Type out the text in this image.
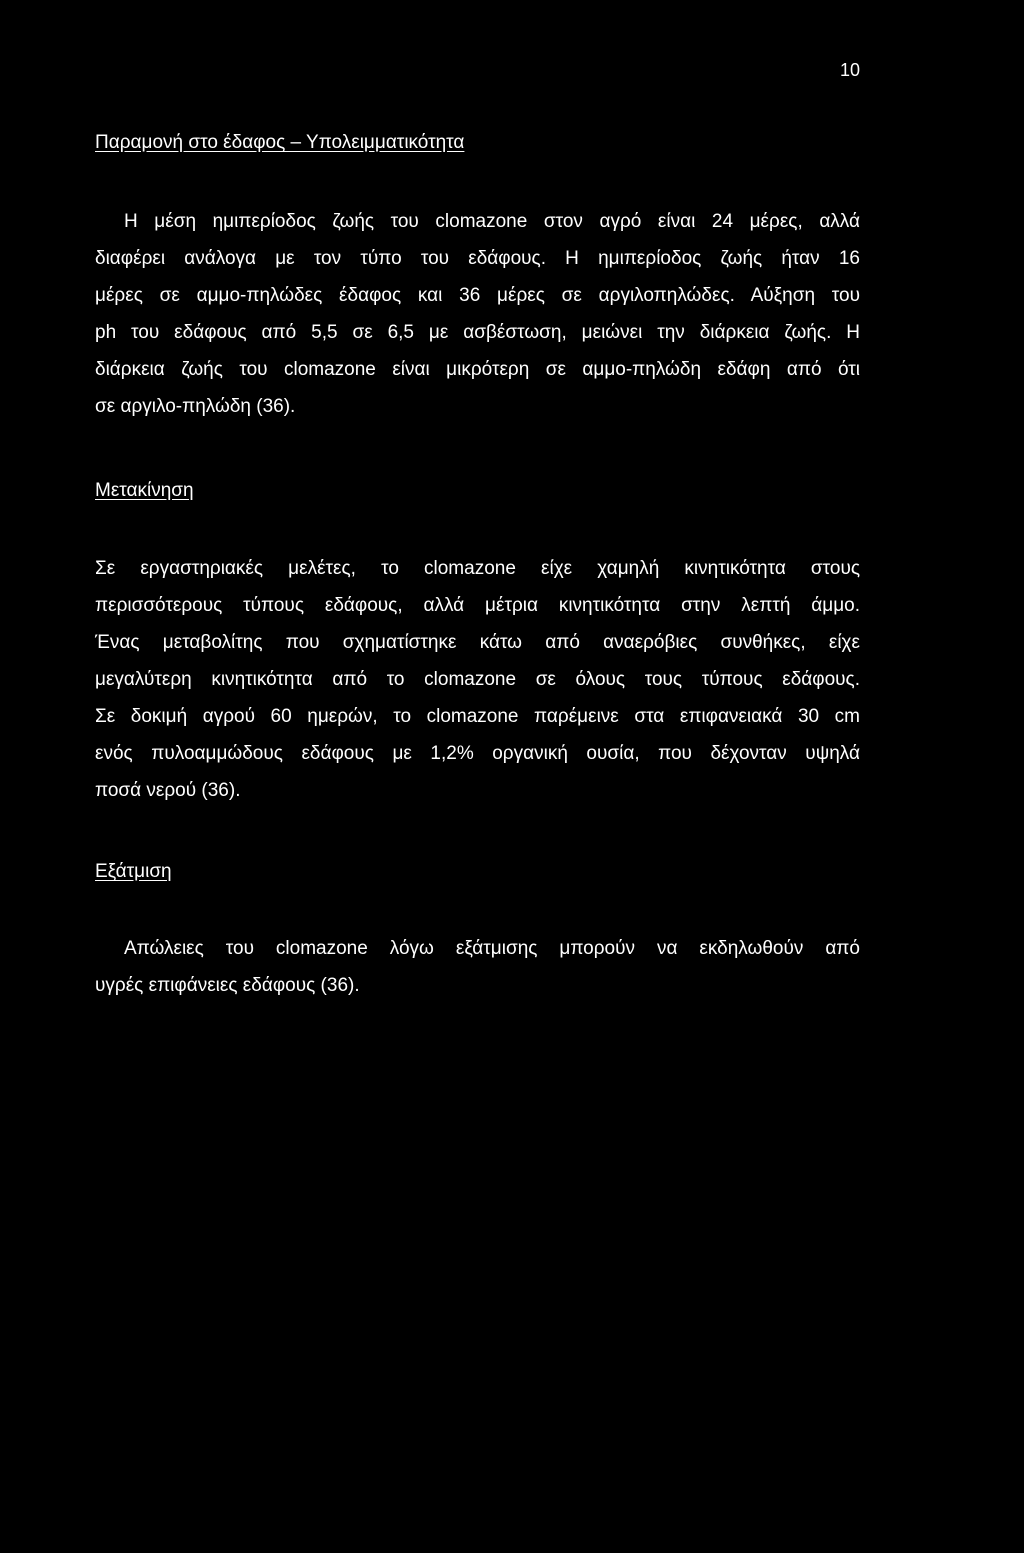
10
Παραμονή στο έδαφος – Υπολειμματικότητα
Η μέση ημιπερίοδος ζωής του clomazone στον αγρό είναι 24 μέρες, αλλά
διαφέρει ανάλογα με τον τύπο του εδάφους. Η ημιπερίοδος ζωής ήταν 16
μέρες σε αμμο-πηλώδες έδαφος και 36 μέρες σε αργιλοπηλώδες. Αύξηση του
ph του εδάφους από 5,5 σε 6,5 με ασβέστωση, μειώνει την διάρκεια ζωής. Η
διάρκεια ζωής του clomazone είναι μικρότερη σε αμμο-πηλώδη εδάφη από ότι
σε αργιλο-πηλώδη (36).
Μετακίνηση
Σε εργαστηριακές μελέτες, το clomazone είχε χαμηλή κινητικότητα στους
περισσότερους τύπους εδάφους, αλλά μέτρια κινητικότητα στην λεπτή άμμο.
Ένας μεταβολίτης που σχηματίστηκε κάτω από αναερόβιες συνθήκες, είχε
μεγαλύτερη κινητικότητα από το clomazone σε όλους τους τύπους εδάφους.
Σε δοκιμή αγρού 60 ημερών, το clomazone παρέμεινε στα επιφανειακά 30 cm
ενός πυλοαμμώδους εδάφους με 1,2% οργανική ουσία, που δέχονταν υψηλά
ποσά νερού (36).
Εξάτμιση
Απώλειες του clomazone λόγω εξάτμισης μπορούν να εκδηλωθούν από
υγρές επιφάνειες εδάφους (36).
